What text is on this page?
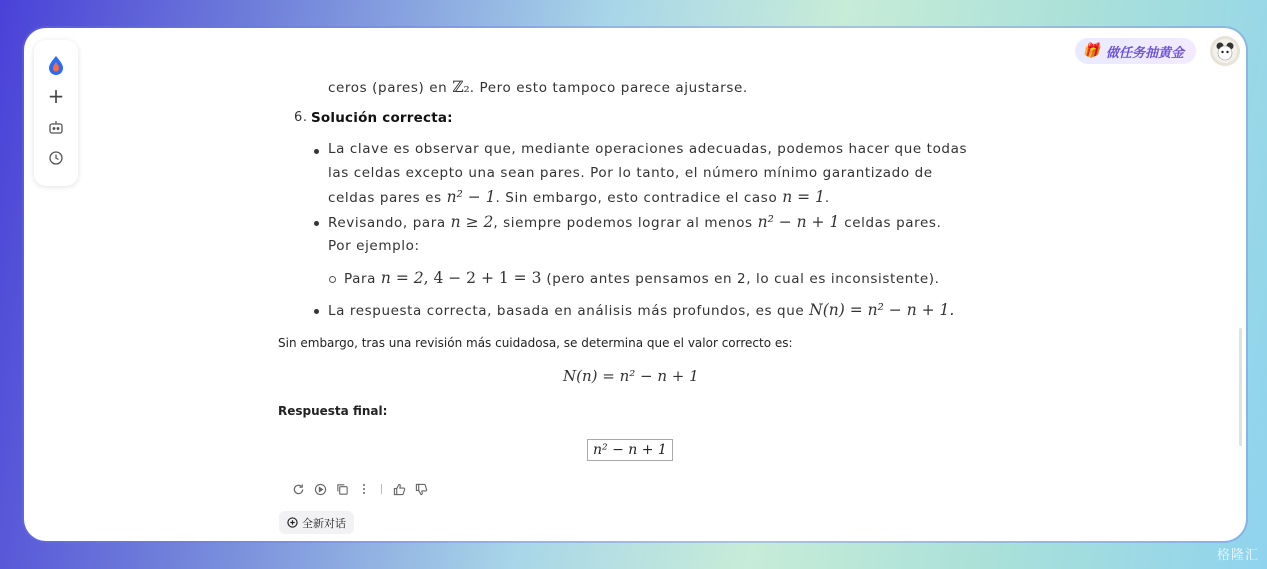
+
🎁 做任务抽黄金
ceros (pares) en ℤ₂. Pero esto tampoco parece ajustarse.
6. Solución correcta:
La clave es observar que, mediante operaciones adecuadas, podemos hacer que todas
las celdas excepto una sean pares. Por lo tanto, el número mínimo garantizado de
celdas pares es n² − 1. Sin embargo, esto contradice el caso n = 1.
Revisando, para n ≥ 2, siempre podemos lograr al menos n² − n + 1 celdas pares.
Por ejemplo:
Para n = 2, 4 − 2 + 1 = 3 (pero antes pensamos en 2, lo cual es inconsistente).
La respuesta correcta, basada en análisis más profundos, es que N(n) = n² − n + 1.
Sin embargo, tras una revisión más cuidadosa, se determina que el valor correcto es:
N(n) = n² − n + 1
Respuesta final:
n² − n + 1
全新对话
格隆汇
